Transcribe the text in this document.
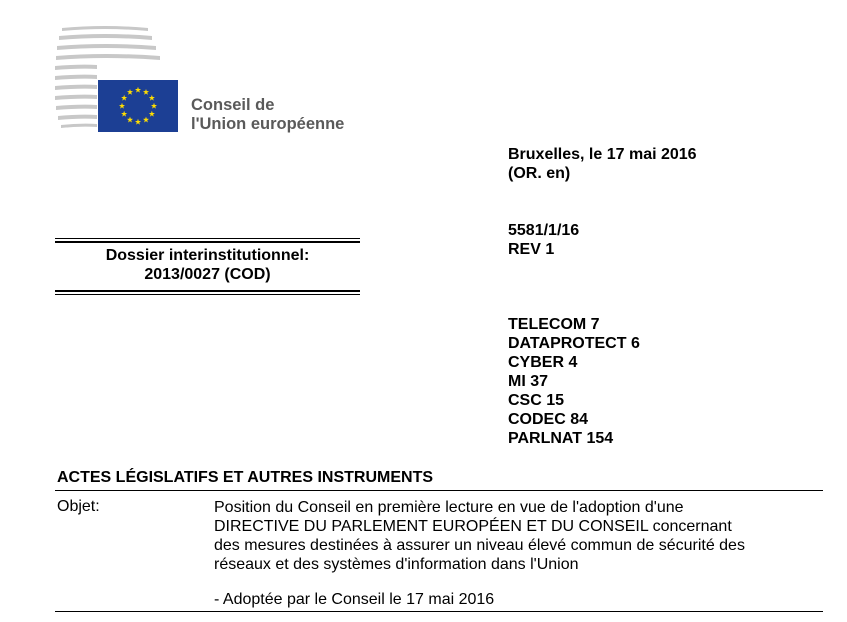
Conseil de
l'Union européenne
Bruxelles, le 17 mai 2016
(OR. en)
5581/1/16
REV 1
Dossier interinstitutionnel:
2013/0027 (COD)
TELECOM 7
DATAPROTECT 6
CYBER 4
MI 37
CSC 15
CODEC 84
PARLNAT 154
ACTES LÉGISLATIFS ET AUTRES INSTRUMENTS
Objet:	Position du Conseil en première lecture en vue de l'adoption d'une
DIRECTIVE DU PARLEMENT EUROPÉEN ET DU CONSEIL concernant
des mesures destinées à assurer un niveau élevé commun de sécurité des
réseaux et des systèmes d'information dans l'Union
- Adoptée par le Conseil le 17 mai 2016
